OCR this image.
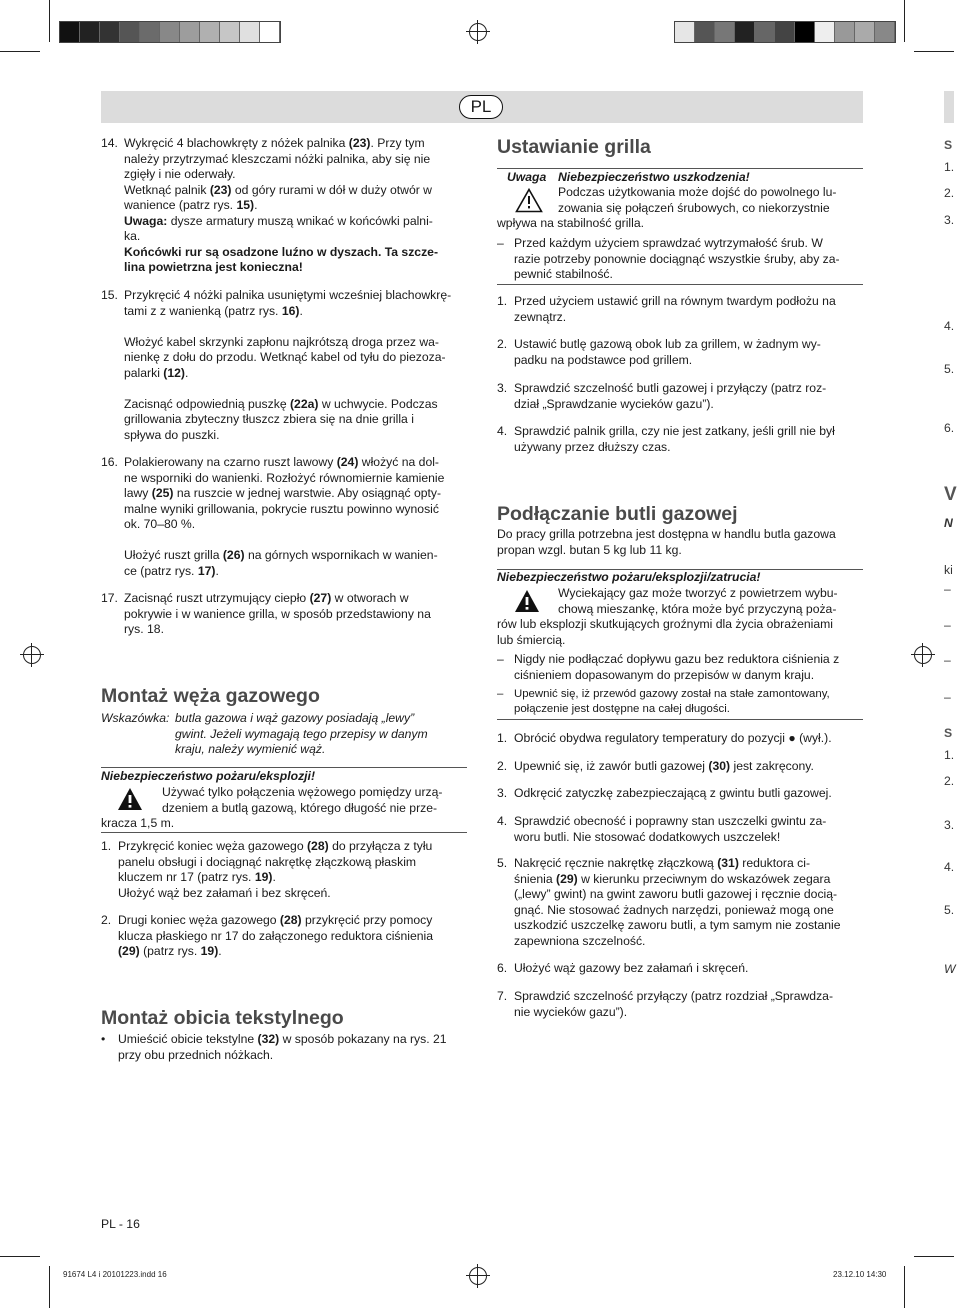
PL
14. Wykręcić 4 blachowkręty z nóżek palnika (23). Przy tym

należy przytrzymać kleszczami nóżki palnika, aby się nie

zgięły i nie oderwały.

Wetknąć palnik (23) od góry rurami w dół w duży otwór w

wanience (patrz rys. 15).

Uwaga: dysze armatury muszą wnikać w końcówki palni-

ka.

Końcówki rur są osadzone luźno w dyszach. Ta szcze-

lina powietrzna jest konieczna!

15. Przykręcić 4 nóżki palnika usuniętymi wcześniej blachowkrę-

tami z z wanienką (patrz rys. 16).

Włożyć kabel skrzynki zapłonu najkrótszą droga przez wa-

nienkę z dołu do przodu. Wetknąć kabel od tyłu do piezoza-

palarki (12).

Zacisnąć odpowiednią puszkę (22a) w uchwycie. Podczas

grillowania zbyteczny tłuszcz zbiera się na dnie grilla i

spływa do puszki.

16. Polakierowany na czarno ruszt lawowy (24) włożyć na dol-

ne wsporniki do wanienki. Rozłożyć równomiernie kamienie

lawy (25) na ruszcie w jednej warstwie. Aby osiągnąć opty-

malne wyniki grillowania, pokrycie rusztu powinno wynosić

ok. 70–80 %.

Ułożyć ruszt grilla (26) na górnych wspornikach w wanien-

ce (patrz rys. 17).

17. Zacisnąć ruszt utrzymujący ciepło (27) w otworach w

pokrywie i w wanience grilla, w sposób przedstawiony na

rys. 18.

Montaż węża gazowego
Wskazówka: butla gazowa i wąż gazowy posiadają „lewy”

gwint. Jeżeli wymagają tego przepisy w danym

kraju, należy wymienić wąż.

Niebezpieczeństwo pożaru/eksplozji!

Używać tylko połączenia wężowego pomiędzy urzą-

dzeniem a butlą gazową, którego długość nie prze-

kracza 1,5 m.

1. Przykręcić koniec węża gazowego (28) do przyłącza z tyłu

panelu obsługi i dociągnąć nakrętkę złączkową płaskim

kluczem nr 17 (patrz rys. 19).

Ułożyć wąż bez załamań i bez skręceń.

2. Drugi koniec węża gazowego (28) przykręcić przy pomocy

klucza płaskiego nr 17 do załączonego reduktora ciśnienia

(29) (patrz rys. 19).

Montaż obicia tekstylnego
• Umieścić obicie tekstylne (32) w sposób pokazany na rys. 21

przy obu przednich nóżkach.

Ustawianie grilla
Uwaga Niebezpieczeństwo uszkodzenia!

Podczas użytkowania może dojść do powolnego lu-

zowania się połączeń śrubowych, co niekorzystnie

wpływa na stabilność grilla.

– Przed każdym użyciem sprawdzać wytrzymałość śrub. W

razie potrzeby ponownie dociągnąć wszystkie śruby, aby za-

pewnić stabilność.

1. Przed użyciem ustawić grill na równym twardym podłożu na

zewnątrz.

2. Ustawić butlę gazową obok lub za grillem, w żadnym wy-

padku na podstawce pod grillem.

3. Sprawdzić szczelność butli gazowej i przyłączy (patrz roz-

dział „Sprawdzanie wycieków gazu”).

4. Sprawdzić palnik grilla, czy nie jest zatkany, jeśli grill nie był

używany przez dłuższy czas.

Podłączanie butli gazowej

Do pracy grilla potrzebna jest dostępna w handlu butla gazowa

propan wzgl. butan 5 kg lub 11 kg.

Niebezpieczeństwo pożaru/eksplozji/zatrucia!

Wyciekający gaz może tworzyć z powietrzem wybu-

chową mieszankę, która może być przyczyną poża-

rów lub eksplozji skutkujących groźnymi dla życia obrażeniami

lub śmiercią.

– Nigdy nie podłączać dopływu gazu bez reduktora ciśnienia z

ciśnieniem dopasowanym do przepisów w danym kraju.

– Upewnić się, iż przewód gazowy został na stałe zamontowany,

połączenie jest dostępne na całej długości.

1. Obrócić obydwa regulatory temperatury do pozycji ● (wył.).

2. Upewnić się, iż zawór butli gazowej (30) jest zakręcony.

3. Odkręcić zatyczkę zabezpieczającą z gwintu butli gazowej.

4. Sprawdzić obecność i poprawny stan uszczelki gwintu za-

woru butli. Nie stosować dodatkowych uszczelek!

5. Nakręcić ręcznie nakrętkę złączkową (31) reduktora ci-

śnienia (29) w kierunku przeciwnym do wskazówek zegara

(„lewy” gwint) na gwint zaworu butli gazowej i ręcznie docią-

gnąć. Nie stosować żadnych narzędzi, ponieważ mogą one

uszkodzić uszczelkę zaworu butli, a tym samym nie zostanie

zapewniona szczelność.

6. Ułożyć wąż gazowy bez załamań i skręceń.

7. Sprawdzić szczelność przyłączy (patrz rozdział „Sprawdza-

nie wycieków gazu”).

S
1.
2.
3.
4.
5.
6.
V
N
ki
–
–
–
–
S
1.
2.
3.
4.
5.
W
PL - 16
91674 L4 i 20101223.indd 16	23.12.10 14:30
